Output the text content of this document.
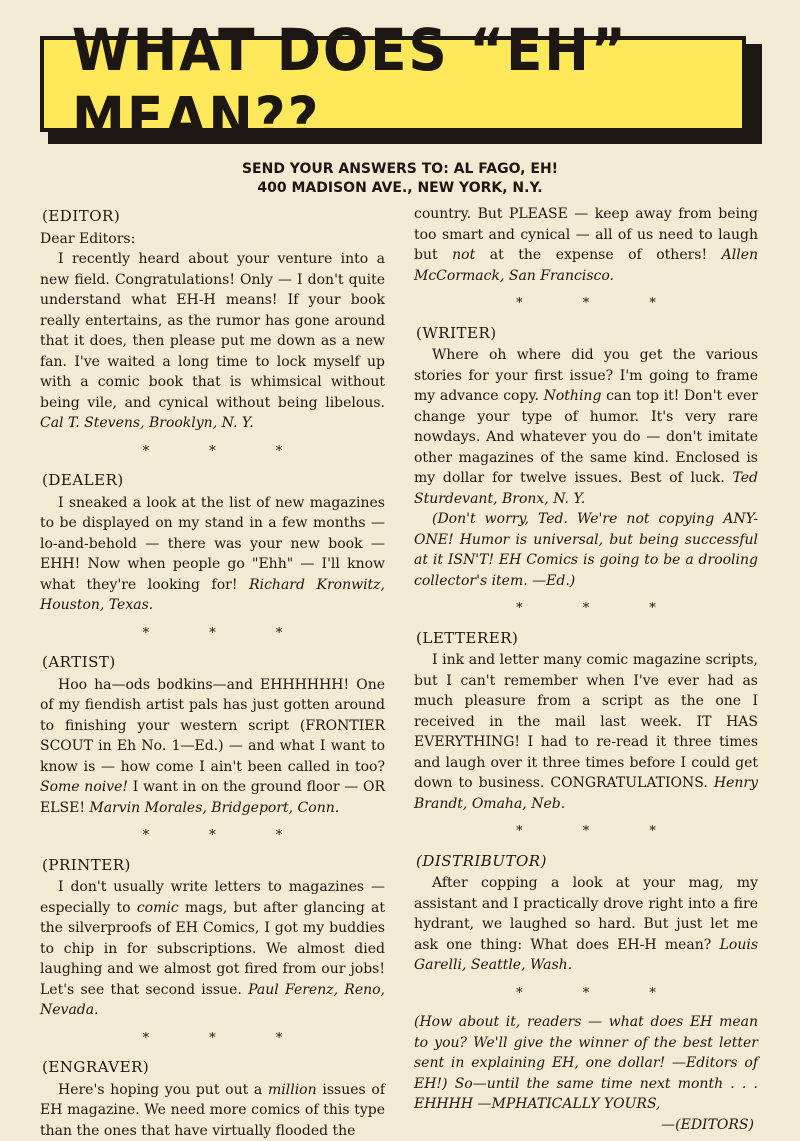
WHAT DOES “EH” MEAN??
SEND YOUR ANSWERS TO: AL FAGO, EH!
400 MADISON AVE., NEW YORK, N.Y.
(EDITOR)

Dear Editors:

I recently heard about your venture into a new field. Congratulations! Only — I don't quite understand what EH-H means! If your book really entertains, as the rumor has gone around that it does, then please put me down as a new fan. I've waited a long time to lock myself up with a comic book that is whimsical without being vile, and cynical without being libelous. Cal T. Stevens, Brooklyn, N. Y.

* * *
(DEALER)

I sneaked a look at the list of new magazines to be displayed on my stand in a few months — lo-and-behold — there was your new book — EHH! Now when people go "Ehh" — I'll know what they're looking for! Richard Kronwitz, Houston, Texas.

* * *
(ARTIST)

Hoo ha—ods bodkins—and EHHHHHH! One of my fiendish artist pals has just gotten around to finishing your western script (FRONTIER SCOUT in Eh No. 1—Ed.) — and what I want to know is — how come I ain't been called in too? Some noive! I want in on the ground floor — OR ELSE! Marvin Morales, Bridgeport, Conn.

* * *
(PRINTER)

I don't usually write letters to magazines — especially to comic mags, but after glancing at the silverproofs of EH Comics, I got my buddies to chip in for subscriptions. We almost died laughing and we almost got fired from our jobs! Let's see that second issue. Paul Ferenz, Reno, Nevada.

* * *
(ENGRAVER)

Here's hoping you put out a million issues of EH magazine. We need more comics of this type than the ones that have virtually flooded the

country. But PLEASE — keep away from being too smart and cynical — all of us need to laugh but not at the expense of others! Allen McCormack, San Francisco.

* * *
(WRITER)

Where oh where did you get the various stories for your first issue? I'm going to frame my advance copy. Nothing can top it! Don't ever change your type of humor. It's very rare nowdays. And whatever you do — don't imitate other magazines of the same kind. Enclosed is my dollar for twelve issues. Best of luck. Ted Sturdevant, Bronx, N. Y.

(Don't worry, Ted. We're not copying ANY-ONE! Humor is universal, but being successful at it ISN'T! EH Comics is going to be a drooling collector's item. —Ed.)

* * *
(LETTERER)

I ink and letter many comic magazine scripts, but I can't remember when I've ever had as much pleasure from a script as the one I received in the mail last week. IT HAS EVERYTHING! I had to re-read it three times and laugh over it three times before I could get down to business. CONGRATULATIONS. Henry Brandt, Omaha, Neb.

* * *
(DISTRIBUTOR)

After copping a look at your mag, my assistant and I practically drove right into a fire hydrant, we laughed so hard. But just let me ask one thing: What does EH-H mean? Louis Garelli, Seattle, Wash.

* * *

(How about it, readers — what does EH mean to you? We'll give the winner of the best letter sent in explaining EH, one dollar! —Editors of EH!) So—until the same time next month . . . EHHHH —MPHATICALLY YOURS,

—(EDITORS)
